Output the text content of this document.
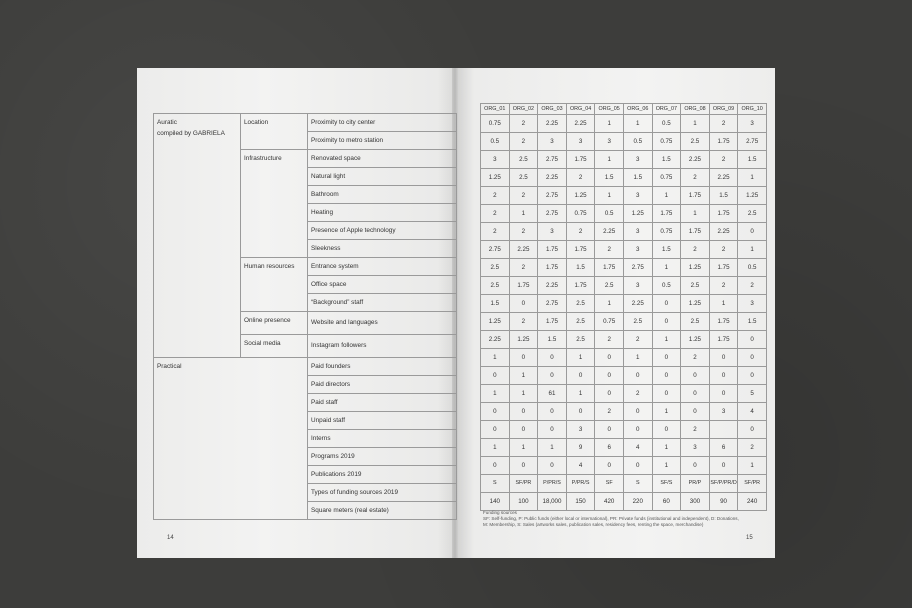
Auratic
compiled by GABRIELA	Location	Proximity to city center
		Proximity to metro station
	Infrastructure	Renovated space
		Natural light
		Bathroom
		Heating
		Presence of Apple technology
		Sleekness
	Human resources	Entrance system
		Office space
		“Background” staff
	Online presence	Website and languages
	Social media	Instagram followers
Practical		Paid founders
		Paid directors
		Paid staff
		Unpaid staff
		Interns
		Programs 2019
		Publications 2019
		Types of funding sources 2019
		Square meters (real estate)
ORG_01	ORG_02	ORG_03	ORG_04	ORG_05	ORG_06	ORG_07	ORG_08	ORG_09	ORG_10
0.75	2	2.25	2.25	1	1	0.5	1	2	3
0.5	2	3	3	3	0.5	0.75	2.5	1.75	2.75
3	2.5	2.75	1.75	1	3	1.5	2.25	2	1.5
1.25	2.5	2.25	2	1.5	1.5	0.75	2	2.25	1
2	2	2.75	1.25	1	3	1	1.75	1.5	1.25
2	1	2.75	0.75	0.5	1.25	1.75	1	1.75	2.5
2	2	3	2	2.25	3	0.75	1.75	2.25	0
2.75	2.25	1.75	1.75	2	3	1.5	2	2	1
2.5	2	1.75	1.5	1.75	2.75	1	1.25	1.75	0.5
2.5	1.75	2.25	1.75	2.5	3	0.5	2.5	2	2
1.5	0	2.75	2.5	1	2.25	0	1.25	1	3
1.25	2	1.75	2.5	0.75	2.5	0	2.5	1.75	1.5
2.25	1.25	1.5	2.5	2	2	1	1.25	1.75	0
1	0	0	1	0	1	0	2	0	0
0	1	0	0	0	0	0	0	0	0
1	1	61	1	0	2	0	0	0	5
0	0	0	0	2	0	1	0	3	4
0	0	0	3	0	0	0	2		0
1	1	1	9	6	4	1	3	6	2
0	0	0	4	0	0	1	0	0	1
S	SF/PR	P/PR/S	P/PR/S	SF	S	SF/S	PR/P	SF/P/PR/D	SF/PR
140	100	18,000	150	420	220	60	300	90	240
14	15
Funding sources
SF: Self-funding, P: Public funds (either local or international), PR: Private funds (institutional and independent), D: Donations,
M: Membership, S: Sales (artworks sales, publication sales, residency fees, renting the space, merchandise)
